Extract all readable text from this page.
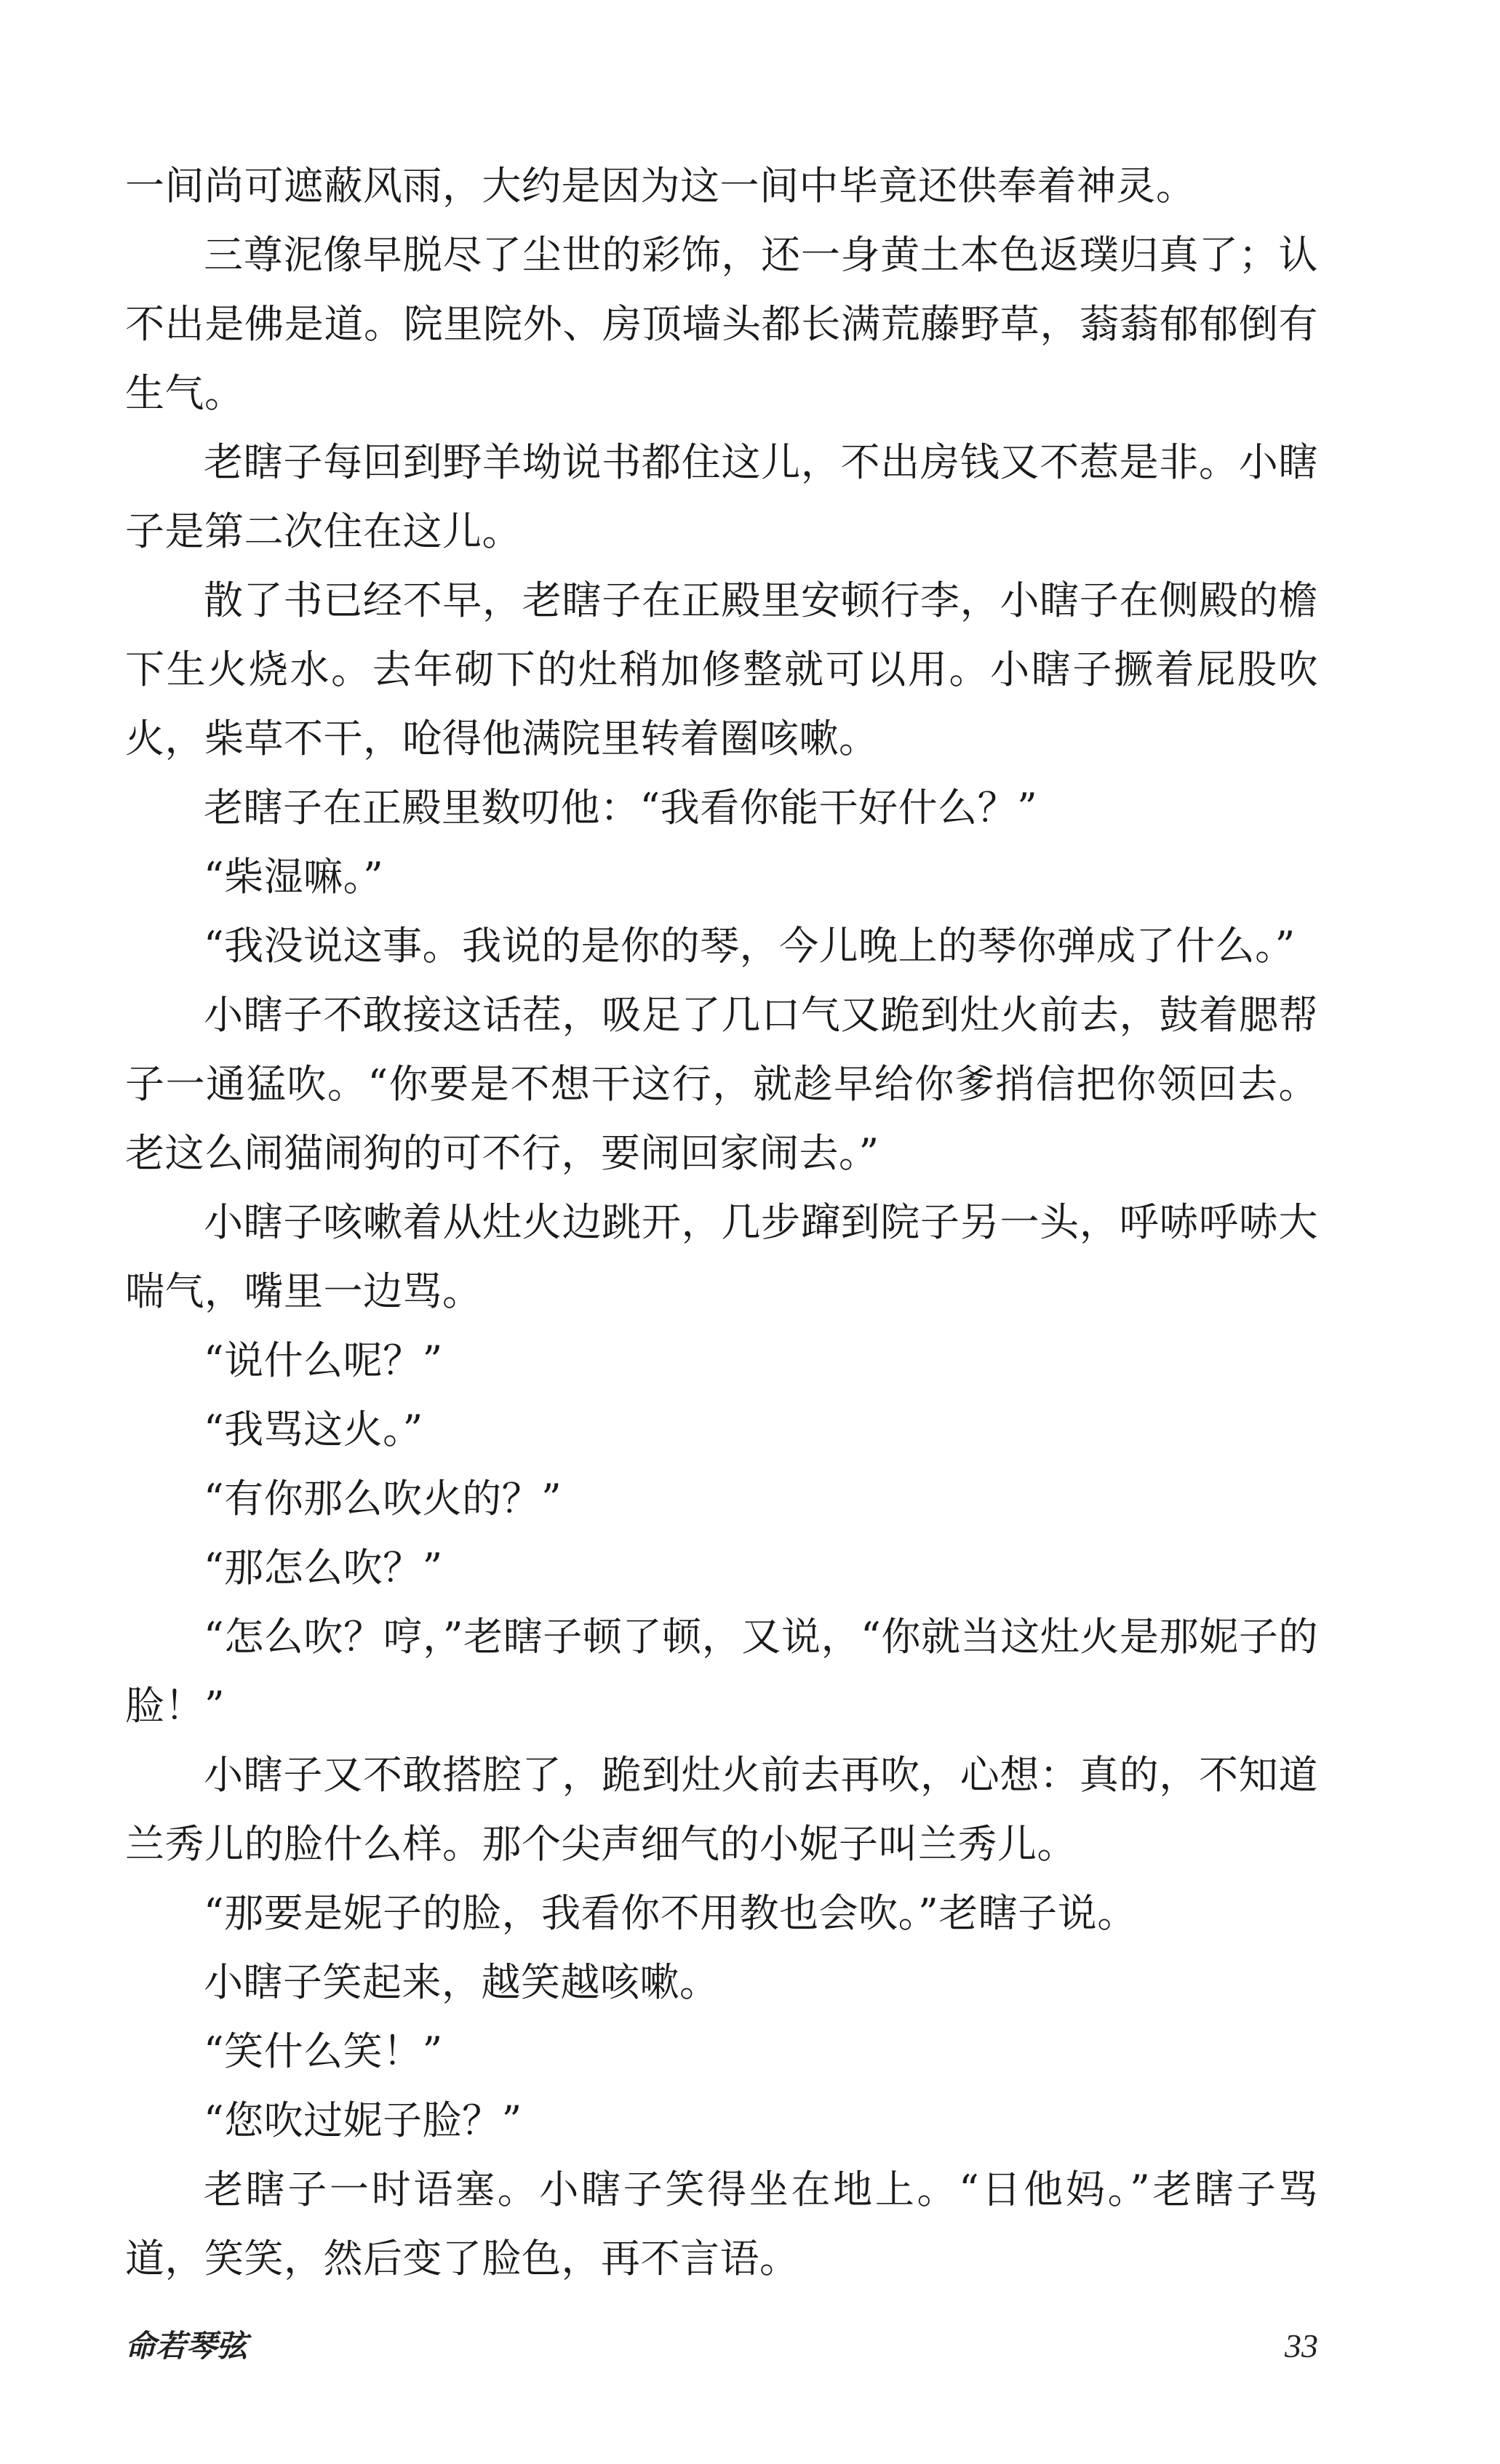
一间尚可遮蔽风雨，大约是因为这一间中毕竟还供奉着神灵。

三尊泥像早脱尽了尘世的彩饰，还一身黄土本色返璞归真了；认不出是佛是道。院里院外、房顶墙头都长满荒藤野草，蓊蓊郁郁倒有生气。

老瞎子每回到野羊坳说书都住这儿，不出房钱又不惹是非。小瞎子是第二次住在这儿。

散了书已经不早，老瞎子在正殿里安顿行李，小瞎子在侧殿的檐下生火烧水。去年砌下的灶稍加修整就可以用。小瞎子撅着屁股吹火，柴草不干，呛得他满院里转着圈咳嗽。

老瞎子在正殿里数叨他：“我看你能干好什么？”

“柴湿嘛。”

“我没说这事。我说的是你的琴，今儿晚上的琴你弹成了什么。”

小瞎子不敢接这话茬，吸足了几口气又跪到灶火前去，鼓着腮帮子一通猛吹。“你要是不想干这行，就趁早给你爹捎信把你领回去。老这么闹猫闹狗的可不行，要闹回家闹去。”

小瞎子咳嗽着从灶火边跳开，几步蹿到院子另一头，呼哧呼哧大喘气，嘴里一边骂。

“说什么呢？”

“我骂这火。”

“有你那么吹火的？”

“那怎么吹？”

“怎么吹？哼，”老瞎子顿了顿，又说，“你就当这灶火是那妮子的脸！”

小瞎子又不敢搭腔了，跪到灶火前去再吹，心想：真的，不知道兰秀儿的脸什么样。那个尖声细气的小妮子叫兰秀儿。

“那要是妮子的脸，我看你不用教也会吹。”老瞎子说。

小瞎子笑起来，越笑越咳嗽。

“笑什么笑！”

“您吹过妮子脸？”

老瞎子一时语塞。小瞎子笑得坐在地上。“日他妈。”老瞎子骂道，笑笑，然后变了脸色，再不言语。

命若琴弦	33
